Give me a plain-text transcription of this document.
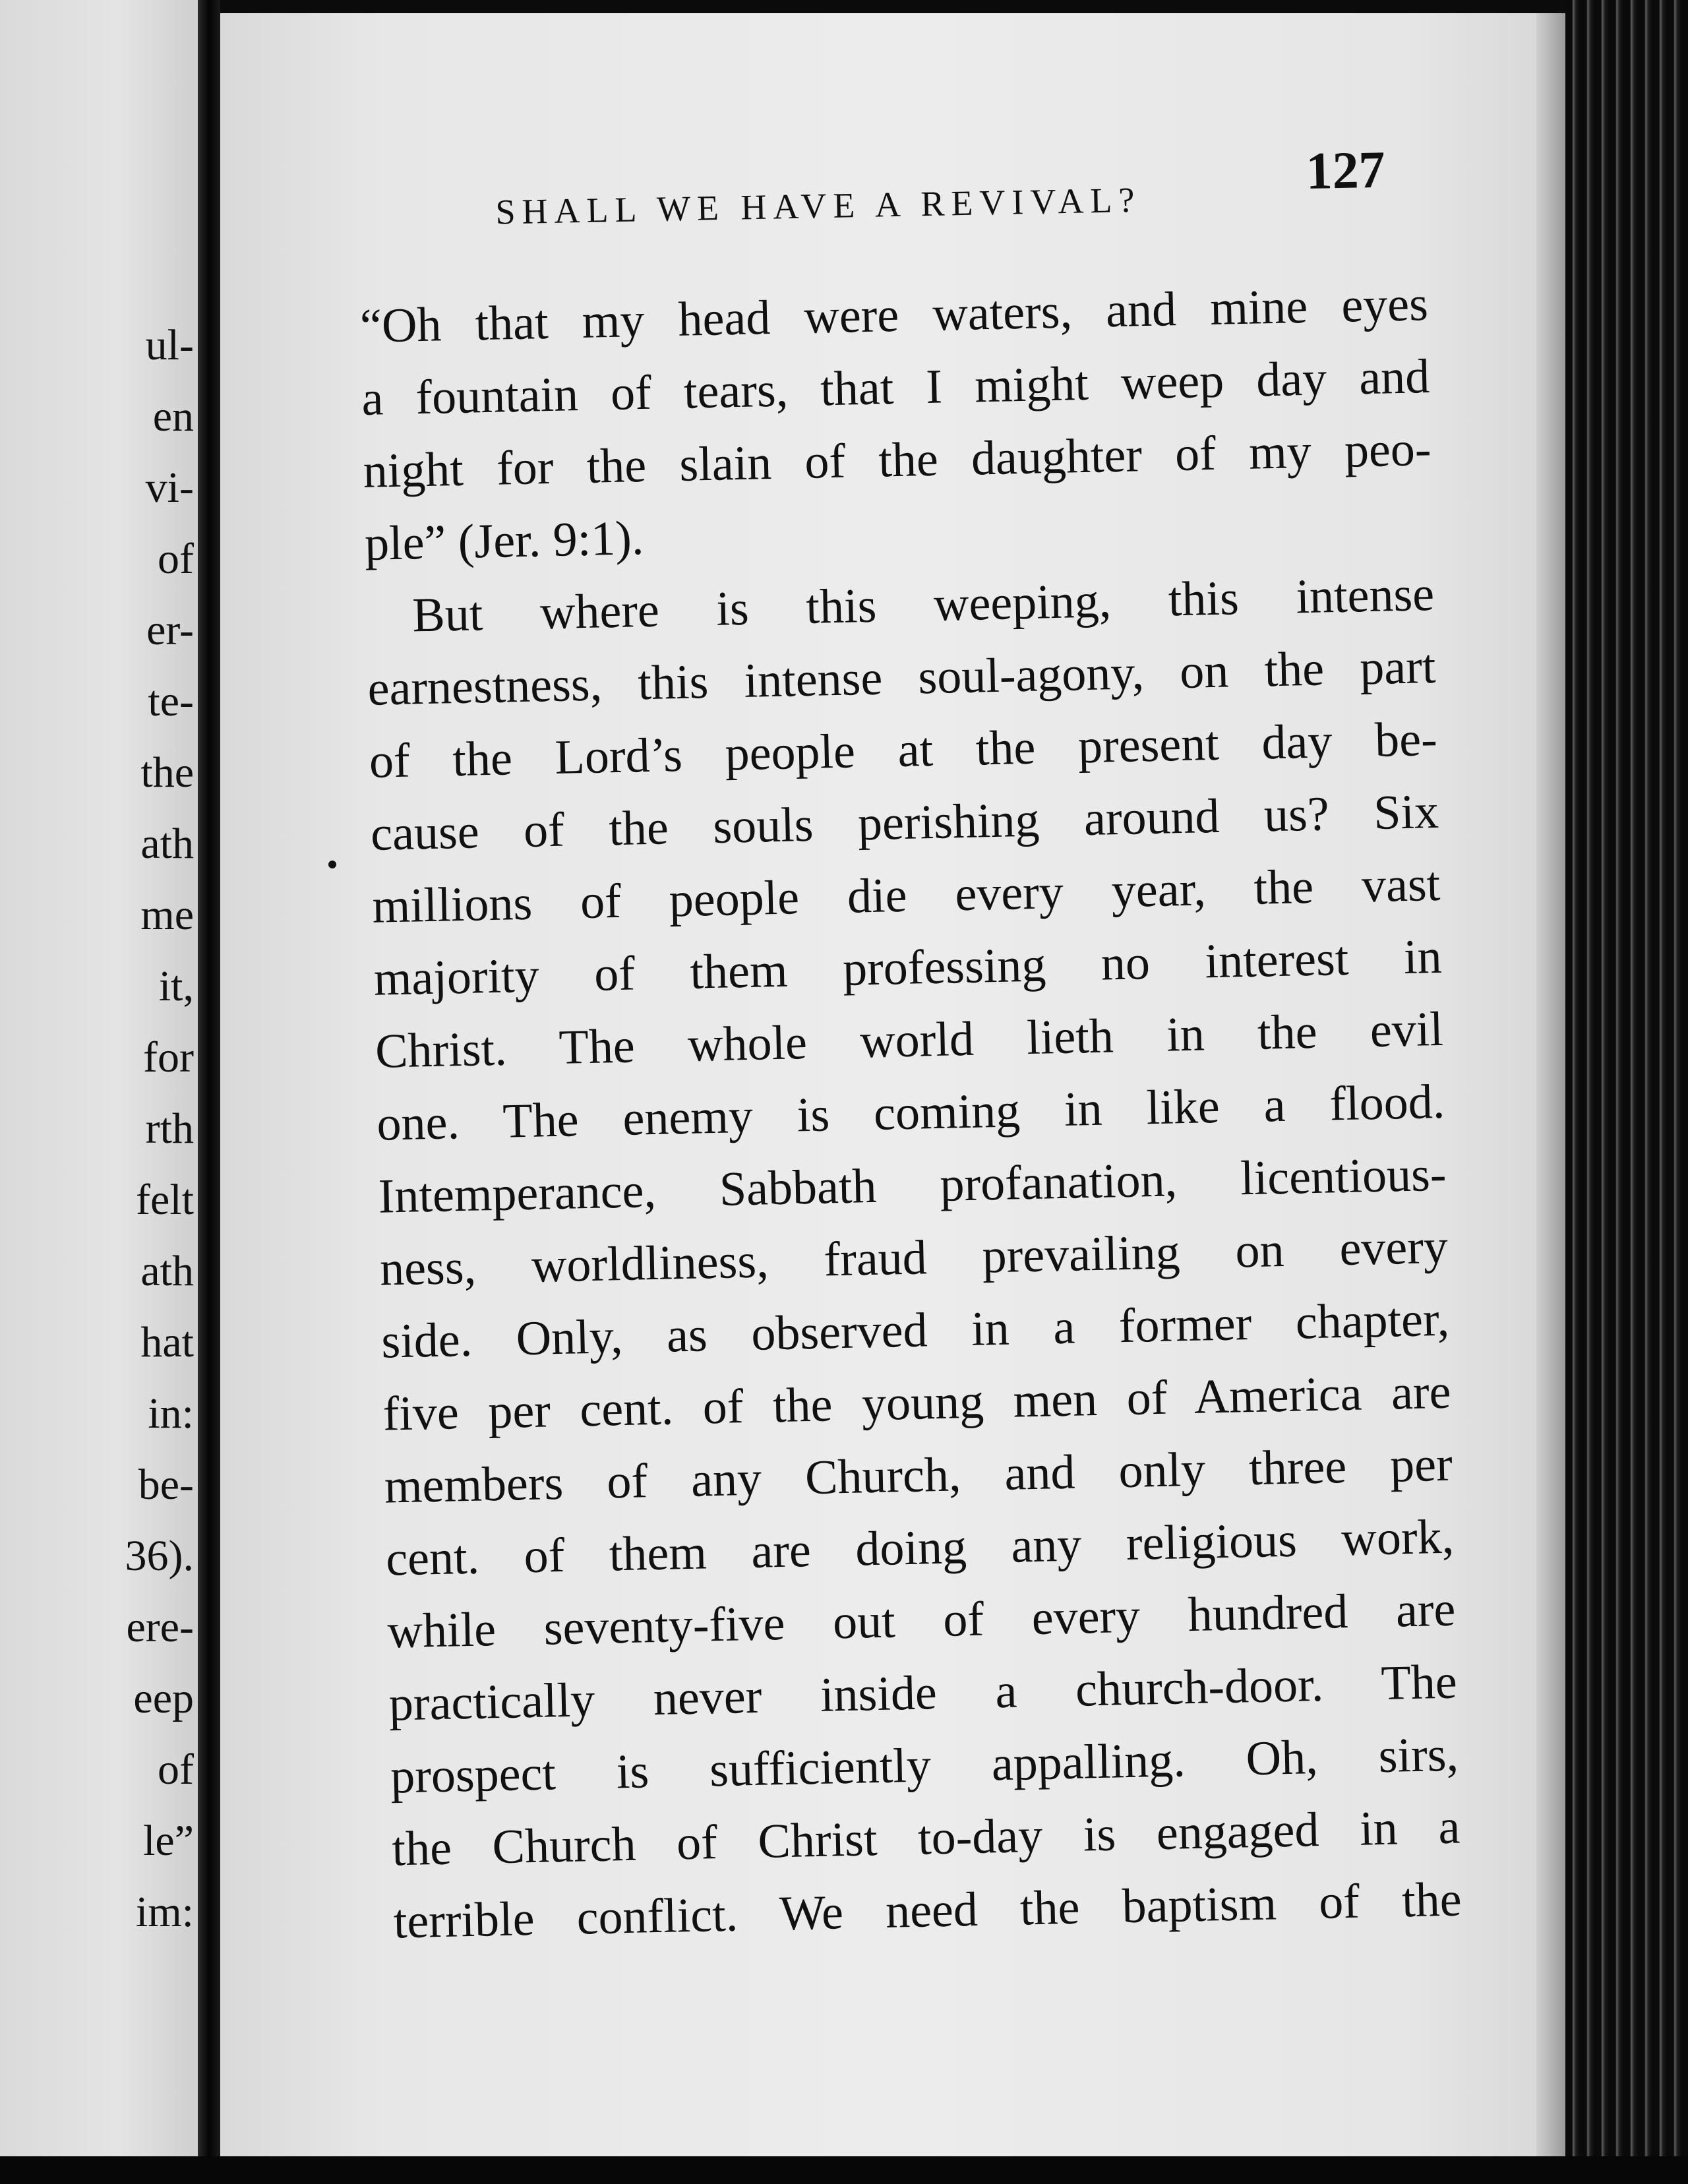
ul-
en
vi-
of
er-
te-
the
ath
me
it,
for
rth
felt
ath
hat
in:
be-
36).
ere-
eep
of
le”
im:
SHALL WE HAVE A REVIVAL?
127
“Oh that my head were waters, and mine eyes
a fountain of tears, that I might weep day and
night for the slain of the daughter of my peo-
ple” (Jer. 9:1).
But where is this weeping, this intense
earnestness, this intense soul-agony, on the part
of the Lord’s people at the present day be-
cause of the souls perishing around us? Six
millions of people die every year, the vast
majority of them professing no interest in
Christ. The whole world lieth in the evil
one. The enemy is coming in like a flood.
Intemperance, Sabbath profanation, licentious-
ness, worldliness, fraud prevailing on every
side. Only, as observed in a former chapter,
five per cent. of the young men of America are
members of any Church, and only three per
cent. of them are doing any religious work,
while seventy-five out of every hundred are
practically never inside a church-door. The
prospect is sufficiently appalling. Oh, sirs,
the Church of Christ to-day is engaged in a
terrible conflict. We need the baptism of the
